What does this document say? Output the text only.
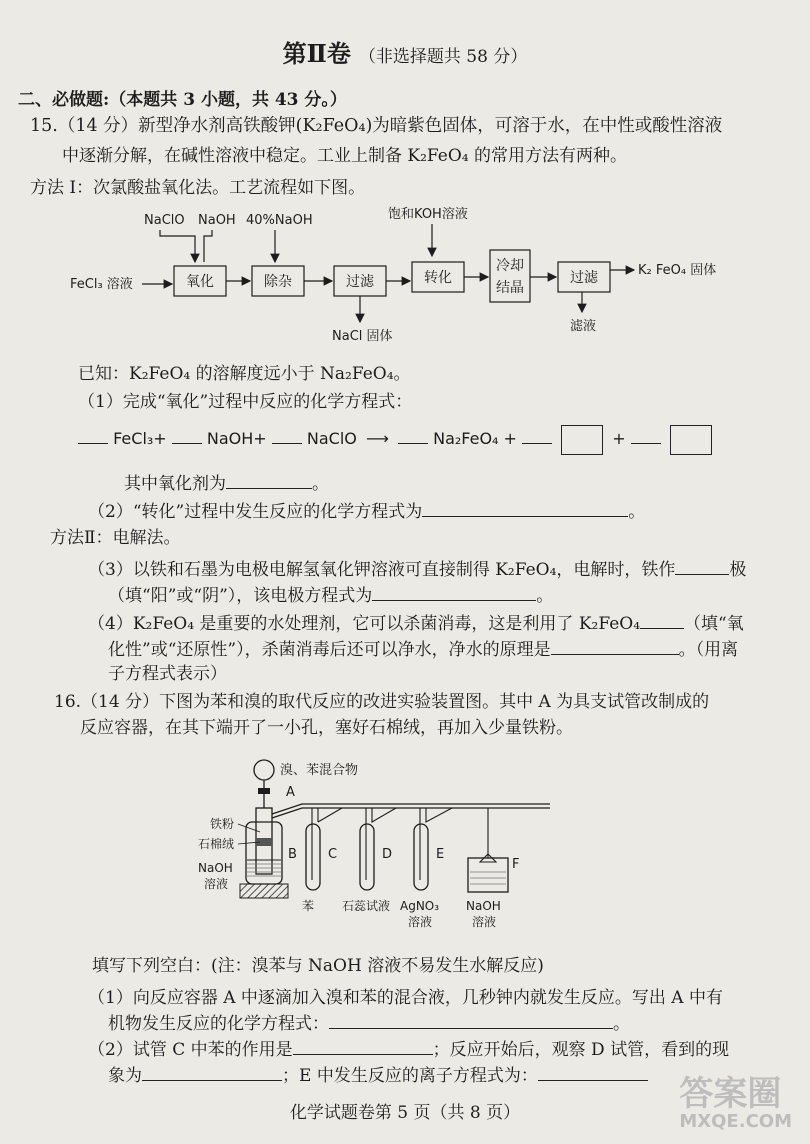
第Ⅱ卷 （非选择题共 58 分）
二、必做题:（本题共 3 小题，共 43 分。）
15.（14 分）新型净水剂高铁酸钾(K₂FeO₄)为暗紫色固体，可溶于水，在中性或酸性溶液
中逐渐分解，在碱性溶液中稳定。工业上制备 K₂FeO₄ 的常用方法有两种。
方法 I：次氯酸盐氧化法。工艺流程如下图。
NaClO NaOH 40%NaOH	饱和KOH溶液
FeCl₃ 溶液	氧化	除杂	过滤
NaCl 固体
转化
冷却
结晶
过滤	K₂ FeO₄ 固体
滤液
已知：K₂FeO₄ 的溶解度远小于 Na₂FeO₄。
（1）完成“氧化”过程中反应的化学方程式：
FeCl₃+	NaOH+	NaClO ⟶	Na₂FeO₄ +	+
其中氧化剂为	。
（2）“转化”过程中发生反应的化学方程式为	。
方法Ⅱ：电解法。
（3）以铁和石墨为电极电解氢氧化钾溶液可直接制得 K₂FeO₄，电解时，铁作	极
（填“阳”或“阴”），该电极方程式为	。
（4）K₂FeO₄ 是重要的水处理剂，它可以杀菌消毒，这是利用了 K₂FeO₄	（填“氧
化性”或“还原性”），杀菌消毒后还可以净水，净水的原理是	。（用离
子方程式表示）
16.（14 分）下图为苯和溴的取代反应的改进实验装置图。其中 A 为具支试管改制成的
反应容器，在其下端开了一小孔，塞好石棉绒，再加入少量铁粉。
溴、苯混合物
A
铁粉
石棉绒
NaOH
溶液
B C
苯
D
石蕊试液
E
AgNO₃
溶液
F
NaOH
溶液
填写下列空白：(注：溴苯与 NaOH 溶液不易发生水解反应)
（1）向反应容器 A 中逐滴加入溴和苯的混合液，几秒钟内就发生反应。写出 A 中有
机物发生反应的化学方程式：	。
（2）试管 C 中苯的作用是	；反应开始后，观察 D 试管，看到的现
象为	；E 中发生反应的离子方程式为：
化学试题卷第 5 页（共 8 页）	答案圈
MXQE.COM
